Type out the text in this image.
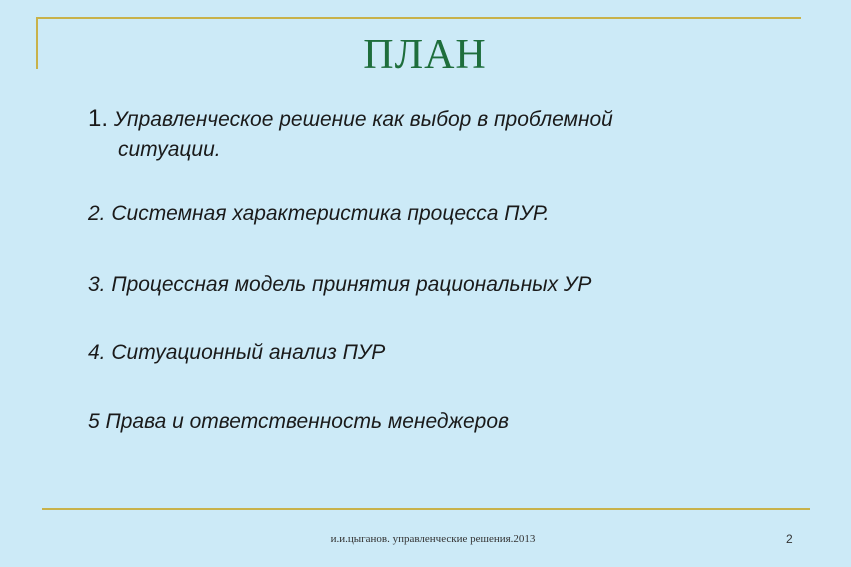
ПЛАН
1. Управленческое решение как выбор в проблемной
ситуации.
2. Системная характеристика процесса ПУР.
3. Процессная модель принятия рациональных УР
4. Ситуационный анализ ПУР
5 Права и ответственность менеджеров
и.и.цыганов. управленческие решения.2013	2
